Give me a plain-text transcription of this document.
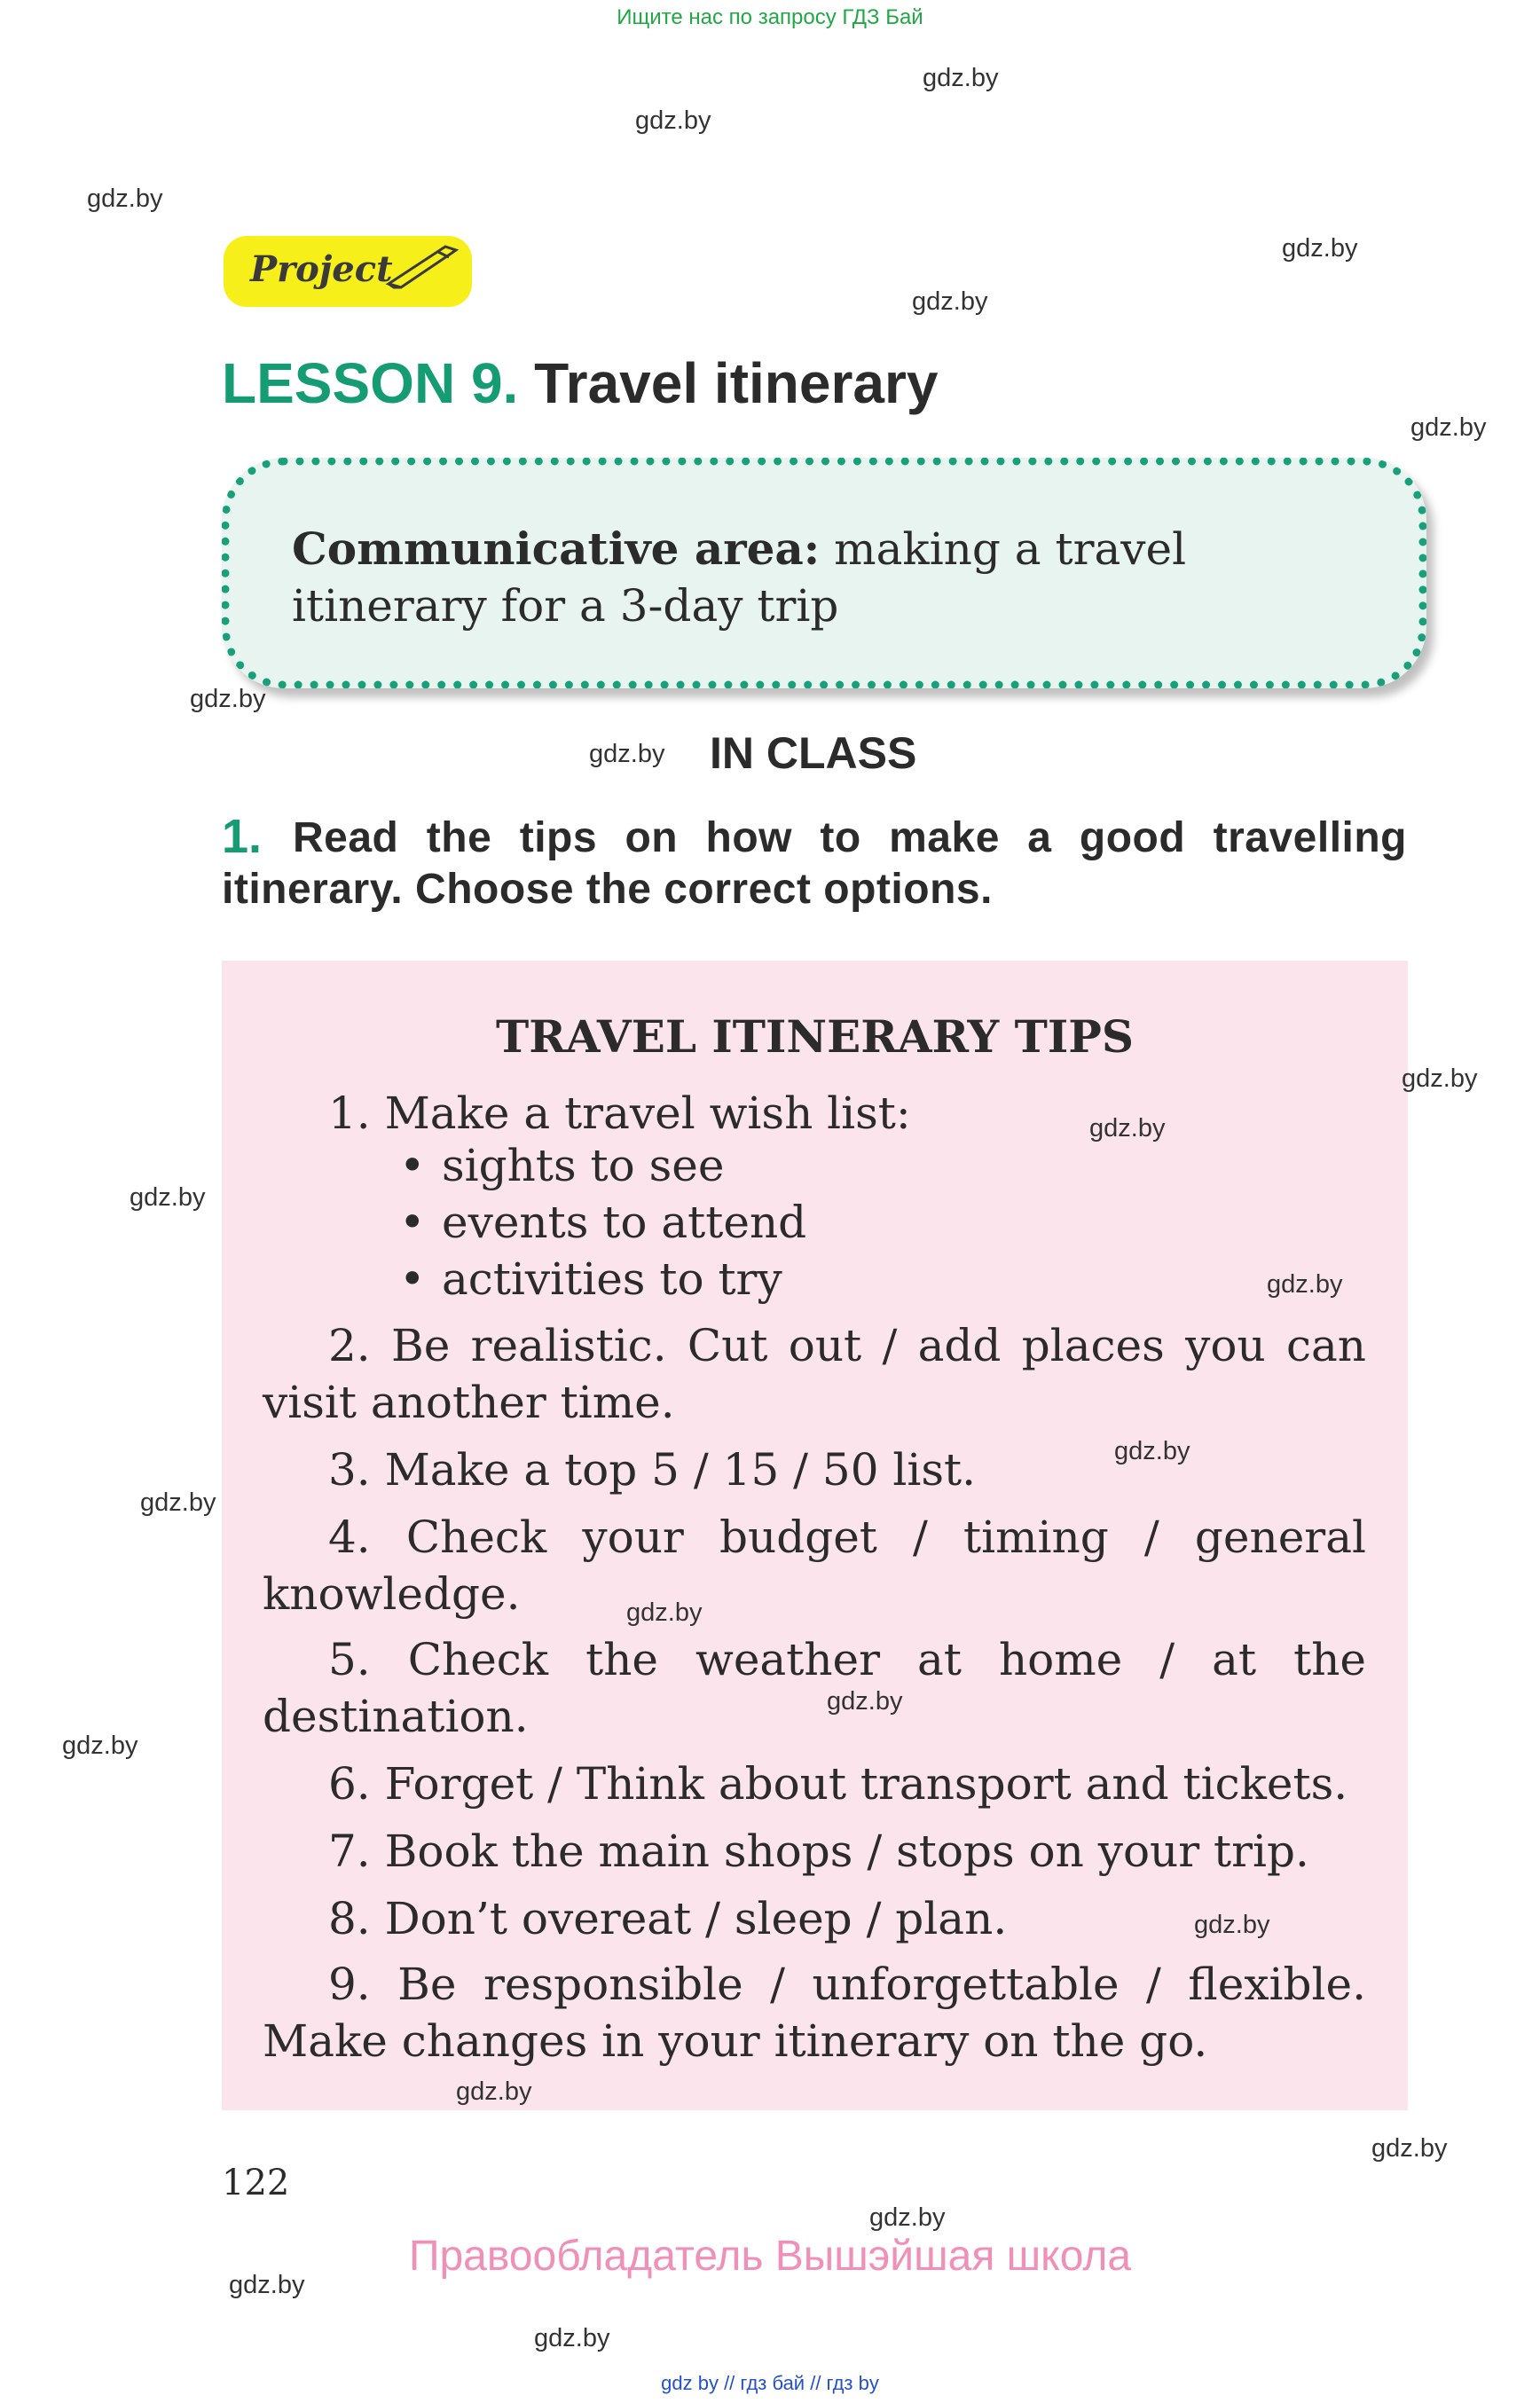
Ищите нас по запросу ГДЗ Бай
gdz.by
gdz.by
gdz.by
gdz.by
gdz.by
gdz.by
gdz.by
gdz.by
Project
LESSON 9. Travel itinerary
Communicative area: making a travel itinerary for a 3-day trip
IN CLASS
1. Read the tips on how to make a good travelling itinerary. Choose the correct options.
TRAVEL ITINERARY TIPS
1. Make a travel wish list:
• sights to see
• events to attend
• activities to try
2. Be realistic. Cut out / add places you can visit another time.
3. Make a top 5 / 15 / 50 list.
4. Check your budget / timing / general knowledge.
5. Check the weather at home / at the destination.
6. Forget / Think about transport and tickets.
7. Book the main shops / stops on your trip.
8. Don’t overeat / sleep / plan.
9. Be responsible / unforgettable / flexible. Make changes in your itinerary on the go.
gdz.by
gdz.by
gdz.by
gdz.by
gdz.by
gdz.by
gdz.by
gdz.by
gdz.by
gdz.by
gdz.by
gdz.by
gdz.by
gdz.by
gdz.by
122
Правообладатель Вышэйшая школа
gdz by // гдз бай // гдз by
